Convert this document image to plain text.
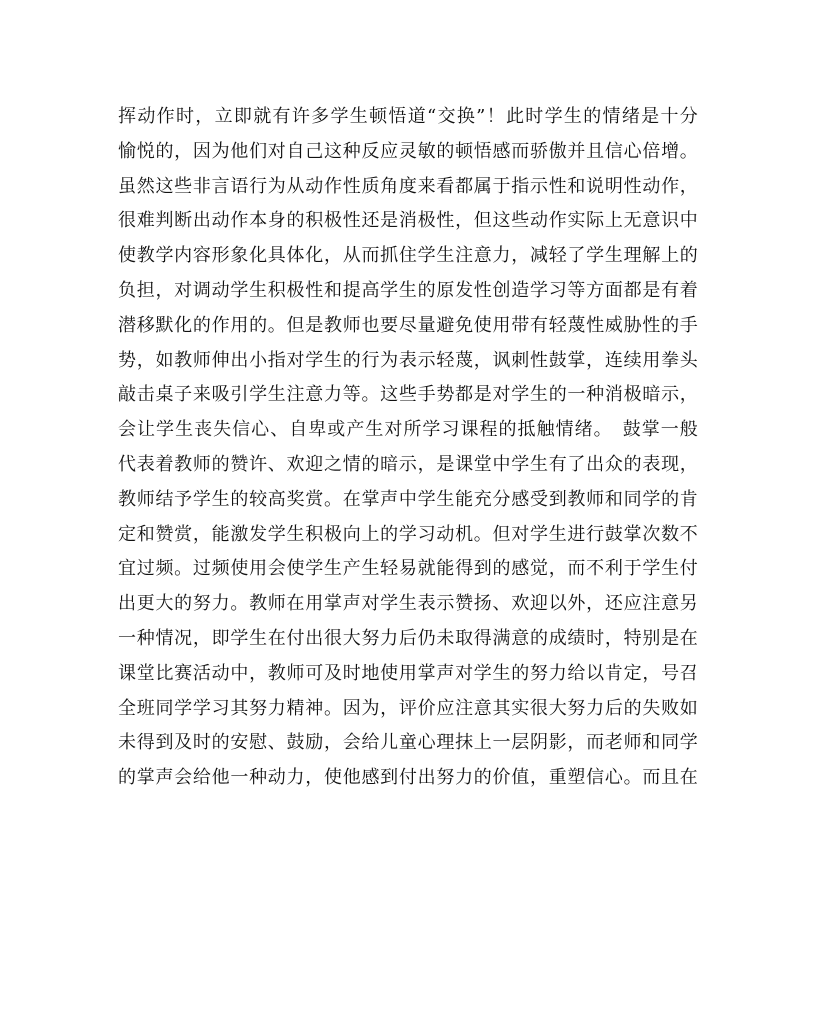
挥动作时，立即就有许多学生顿悟道“交换”！此时学生的情绪是十分
愉悦的，因为他们对自己这种反应灵敏的顿悟感而骄傲并且信心倍增。
虽然这些非言语行为从动作性质角度来看都属于指示性和说明性动作，
很难判断出动作本身的积极性还是消极性，但这些动作实际上无意识中
使教学内容形象化具体化，从而抓住学生注意力，减轻了学生理解上的
负担，对调动学生积极性和提高学生的原发性创造学习等方面都是有着
潜移默化的作用的。但是教师也要尽量避免使用带有轻蔑性威胁性的手
势，如教师伸出小指对学生的行为表示轻蔑，讽刺性鼓掌，连续用拳头
敲击桌子来吸引学生注意力等。这些手势都是对学生的一种消极暗示，
会让学生丧失信心、自卑或产生对所学习课程的抵触情绪。　鼓掌一般
代表着教师的赞许、欢迎之情的暗示，是课堂中学生有了出众的表现，
教师结予学生的较高奖赏。在掌声中学生能充分感受到教师和同学的肯
定和赞赏，能激发学生积极向上的学习动机。但对学生进行鼓掌次数不
宜过频。过频使用会使学生产生轻易就能得到的感觉，而不利于学生付
出更大的努力。教师在用掌声对学生表示赞扬、欢迎以外，还应注意另
一种情况，即学生在付出很大努力后仍未取得满意的成绩时，特别是在
课堂比赛活动中，教师可及时地使用掌声对学生的努力给以肯定，号召
全班同学学习其努力精神。因为，评价应注意其实很大努力后的失败如
未得到及时的安慰、鼓励，会给儿童心理抹上一层阴影，而老师和同学
的掌声会给他一种动力，使他感到付出努力的价值，重塑信心。而且在
